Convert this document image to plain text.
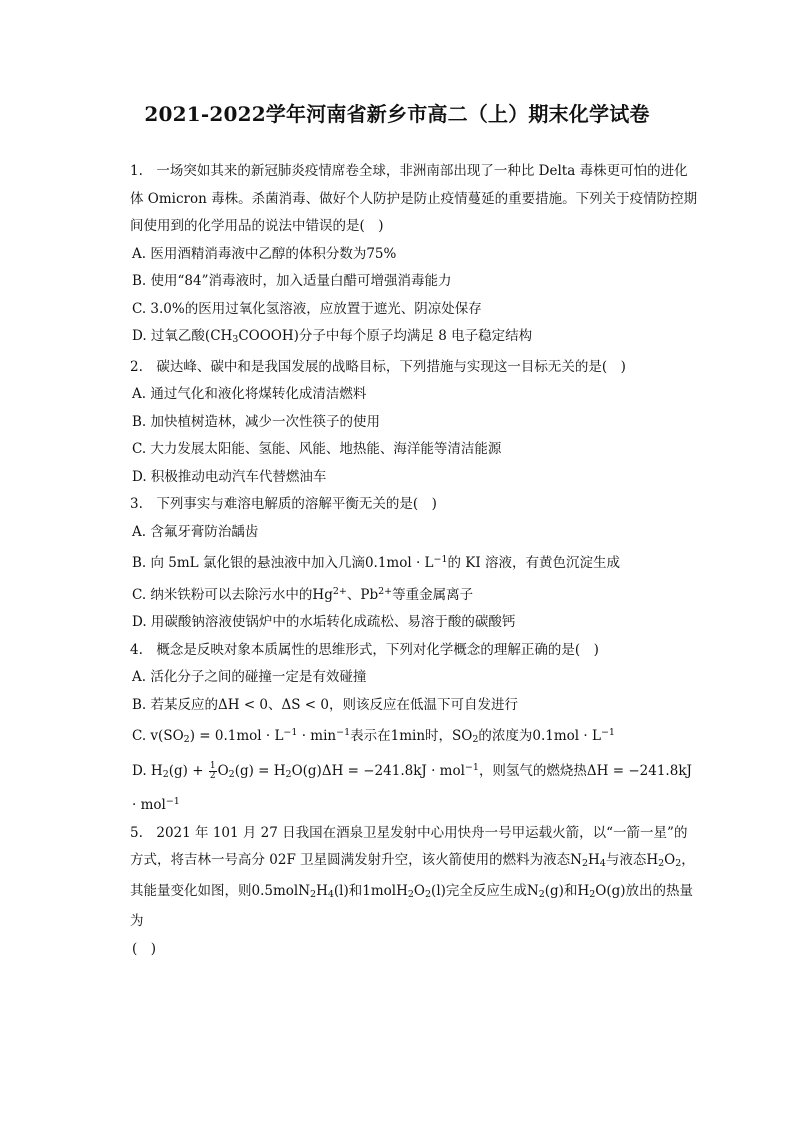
2021-2022学年河南省新乡市高二（上）期末化学试卷
1.　一场突如其来的新冠肺炎疫情席卷全球，非洲南部出现了一种比 Delta 毒株更可怕的进化体 Omicron 毒株。杀菌消毒、做好个人防护是防止疫情蔓延的重要措施。下列关于疫情防控期间使用到的化学用品的说法中错误的是(　)
A. 医用酒精消毒液中乙醇的体积分数为75%
B. 使用“84”消毒液时，加入适量白醋可增强消毒能力
C. 3.0%的医用过氧化氢溶液，应放置于遮光、阴凉处保存
D. 过氧乙酸$(CH_3COOOH)$分子中每个原子均满足 8 电子稳定结构
2.　碳达峰、碳中和是我国发展的战略目标，下列措施与实现这一目标无关的是(　)
A. 通过气化和液化将煤转化成清洁燃料
B. 加快植树造林，减少一次性筷子的使用
C. 大力发展太阳能、氢能、风能、地热能、海洋能等清洁能源
D. 积极推动电动汽车代替燃油车
3.　下列事实与难溶电解质的溶解平衡无关的是(　)
A. 含氟牙膏防治龋齿
B. 向 5mL 氯化银的悬浊液中加入几滴$0.1mol \cdot L^{-1}$的 KI 溶液，有黄色沉淀生成
C. 纳米铁粉可以去除污水中的$Hg^{2+}$、$Pb^{2+}$等重金属离子
D. 用碳酸钠溶液使锅炉中的水垢转化成疏松、易溶于酸的碳酸钙
4.　概念是反映对象本质属性的思维形式，下列对化学概念的理解正确的是(　)
A. 活化分子之间的碰撞一定是有效碰撞
B. 若某反应的ΔH < 0、ΔS < 0，则该反应在低温下可自发进行
C. $v(SO_2) = 0.1mol \cdot L^{-1} \cdot \min^{-1}$表示在1min时，$SO_2$的浓度为$0.1mol \cdot L^{-1}$
D. $H_2(g) + \frac{1}{2} O_2(g) = H_2O(g)\Delta H = -241.8kJ \cdot mol^{-1}$，则氢气的燃烧热ΔH = −241.8kJ · mol$^{-1}$
5.　2021 年 101 月 27 日我国在酒泉卫星发射中心用快舟一号甲运载火箭，以“一箭一星”的方式，将吉林一号高分 02F 卫星圆满发射升空，该火箭使用的燃料为液态$N_2H_4$与液态$H_2O_2$，其能量变化如图，则$0.5molN_2H_4(l)$和$1molH_2O_2(l)$完全反应生成$N_2(g)$和$H_2O(g)$放出的热量为
(　)
